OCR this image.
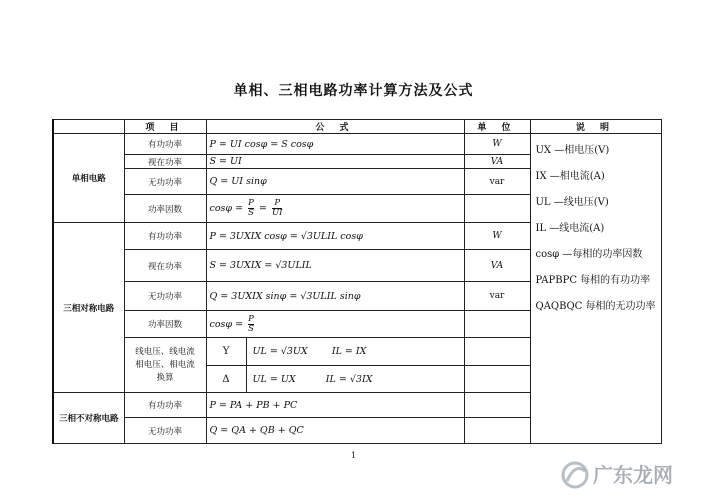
单相、三相电路功率计算方法及公式
	项 目	公 式	单 位	说 明
单相电路	有功功率	P = UI cosφ = S cosφ	W	
UX —相电压(V)
IX —相电流(A)
UL —线电压(V)
IL —线电流(A)
cosφ —每相的功率因数
PAPBPC 每相的有功功率
QAQBQC 每相的无功功率

视在功率	S = UI	VA
无功功率	Q = UI sinφ	var
功率因数	$\cos\varphi = \frac{P}{S} = \frac{P}{UI}$

三相对称电路	有功功率	P = 3UXIX cosφ = √3ULIL cosφ	W
视在功率	S = 3UXIX = √3ULIL	VA
无功功率	Q = 3UXIX sinφ = √3ULIL sinφ	var
功率因数	$\cos\varphi = \frac{P}{S}$

线电压、线电流相电压、相电流换算	
Y	UL = √3UX        IL = IX

Δ	UL = UX          IL = √3IX

三相不对称电路	有功功率	P = PA + PB + PC	
无功功率	Q = QA + QB + QC	
1
广东龙网
